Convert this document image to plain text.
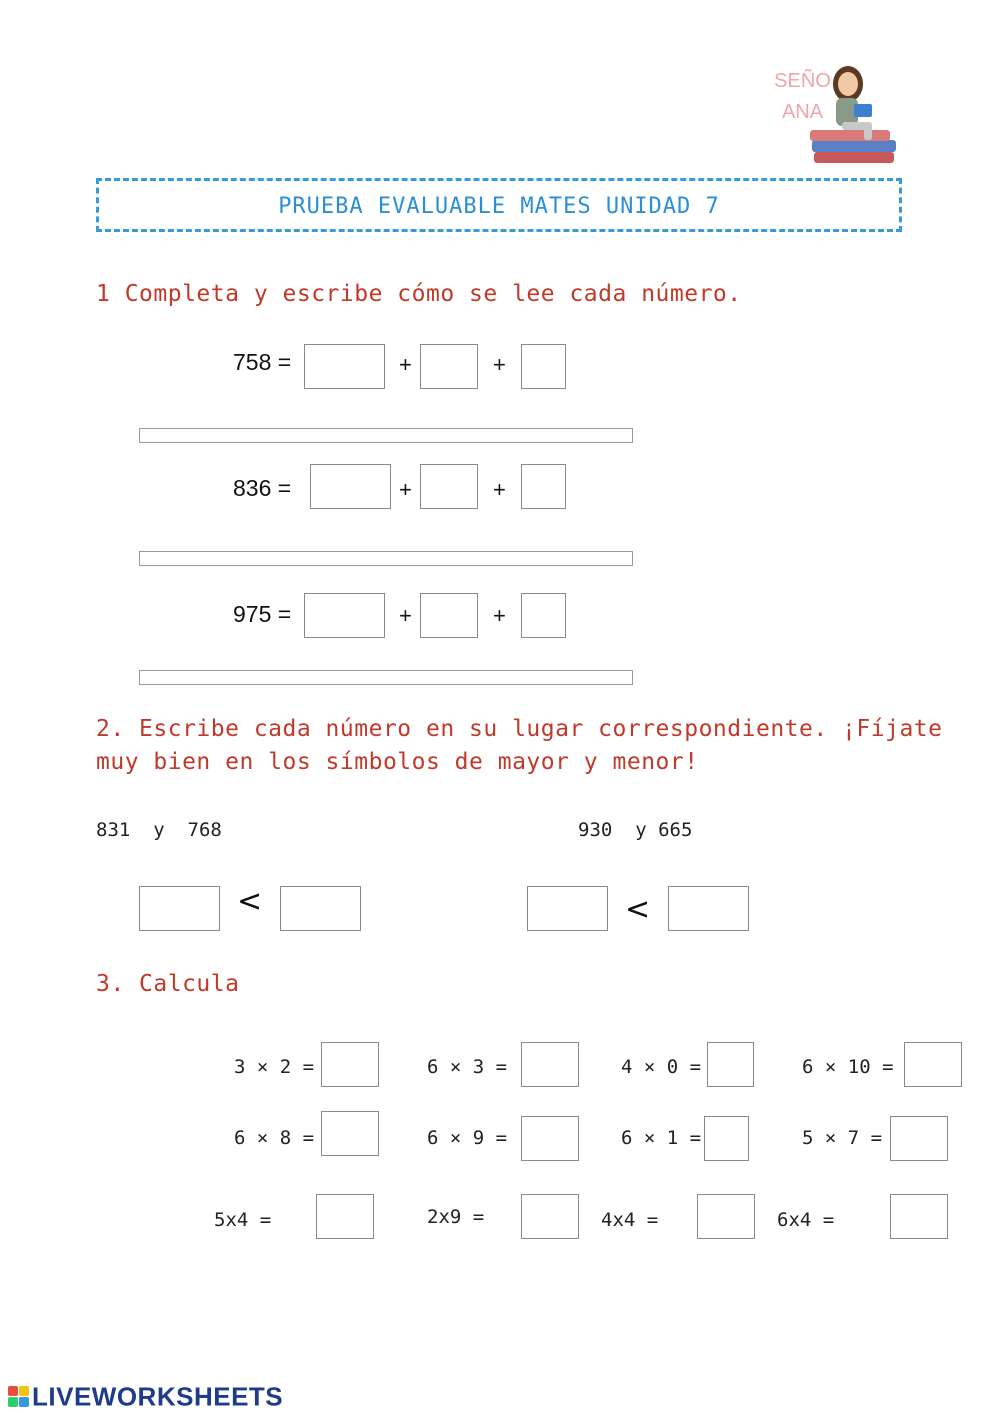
SEÑO
ANA
PRUEBA EVALUABLE MATES UNIDAD 7
1 Completa y escribe cómo se lee cada número.
758 =	+	+
836 =	+	+
975 =	+	+
2. Escribe cada número en su lugar correspondiente. ¡Fíjate
muy bien en los símbolos de mayor y menor!
831  y  768	930  y 665
<	<
3. Calcula
3 × 2 =	6 × 3 =	4 × 0 =	6 × 10 =
6 × 8 =	6 × 9 =	6 × 1 =	5 × 7 =
5x4 =	2x9 =	4x4 =	6x4 =
LIVEWORKSHEETS
